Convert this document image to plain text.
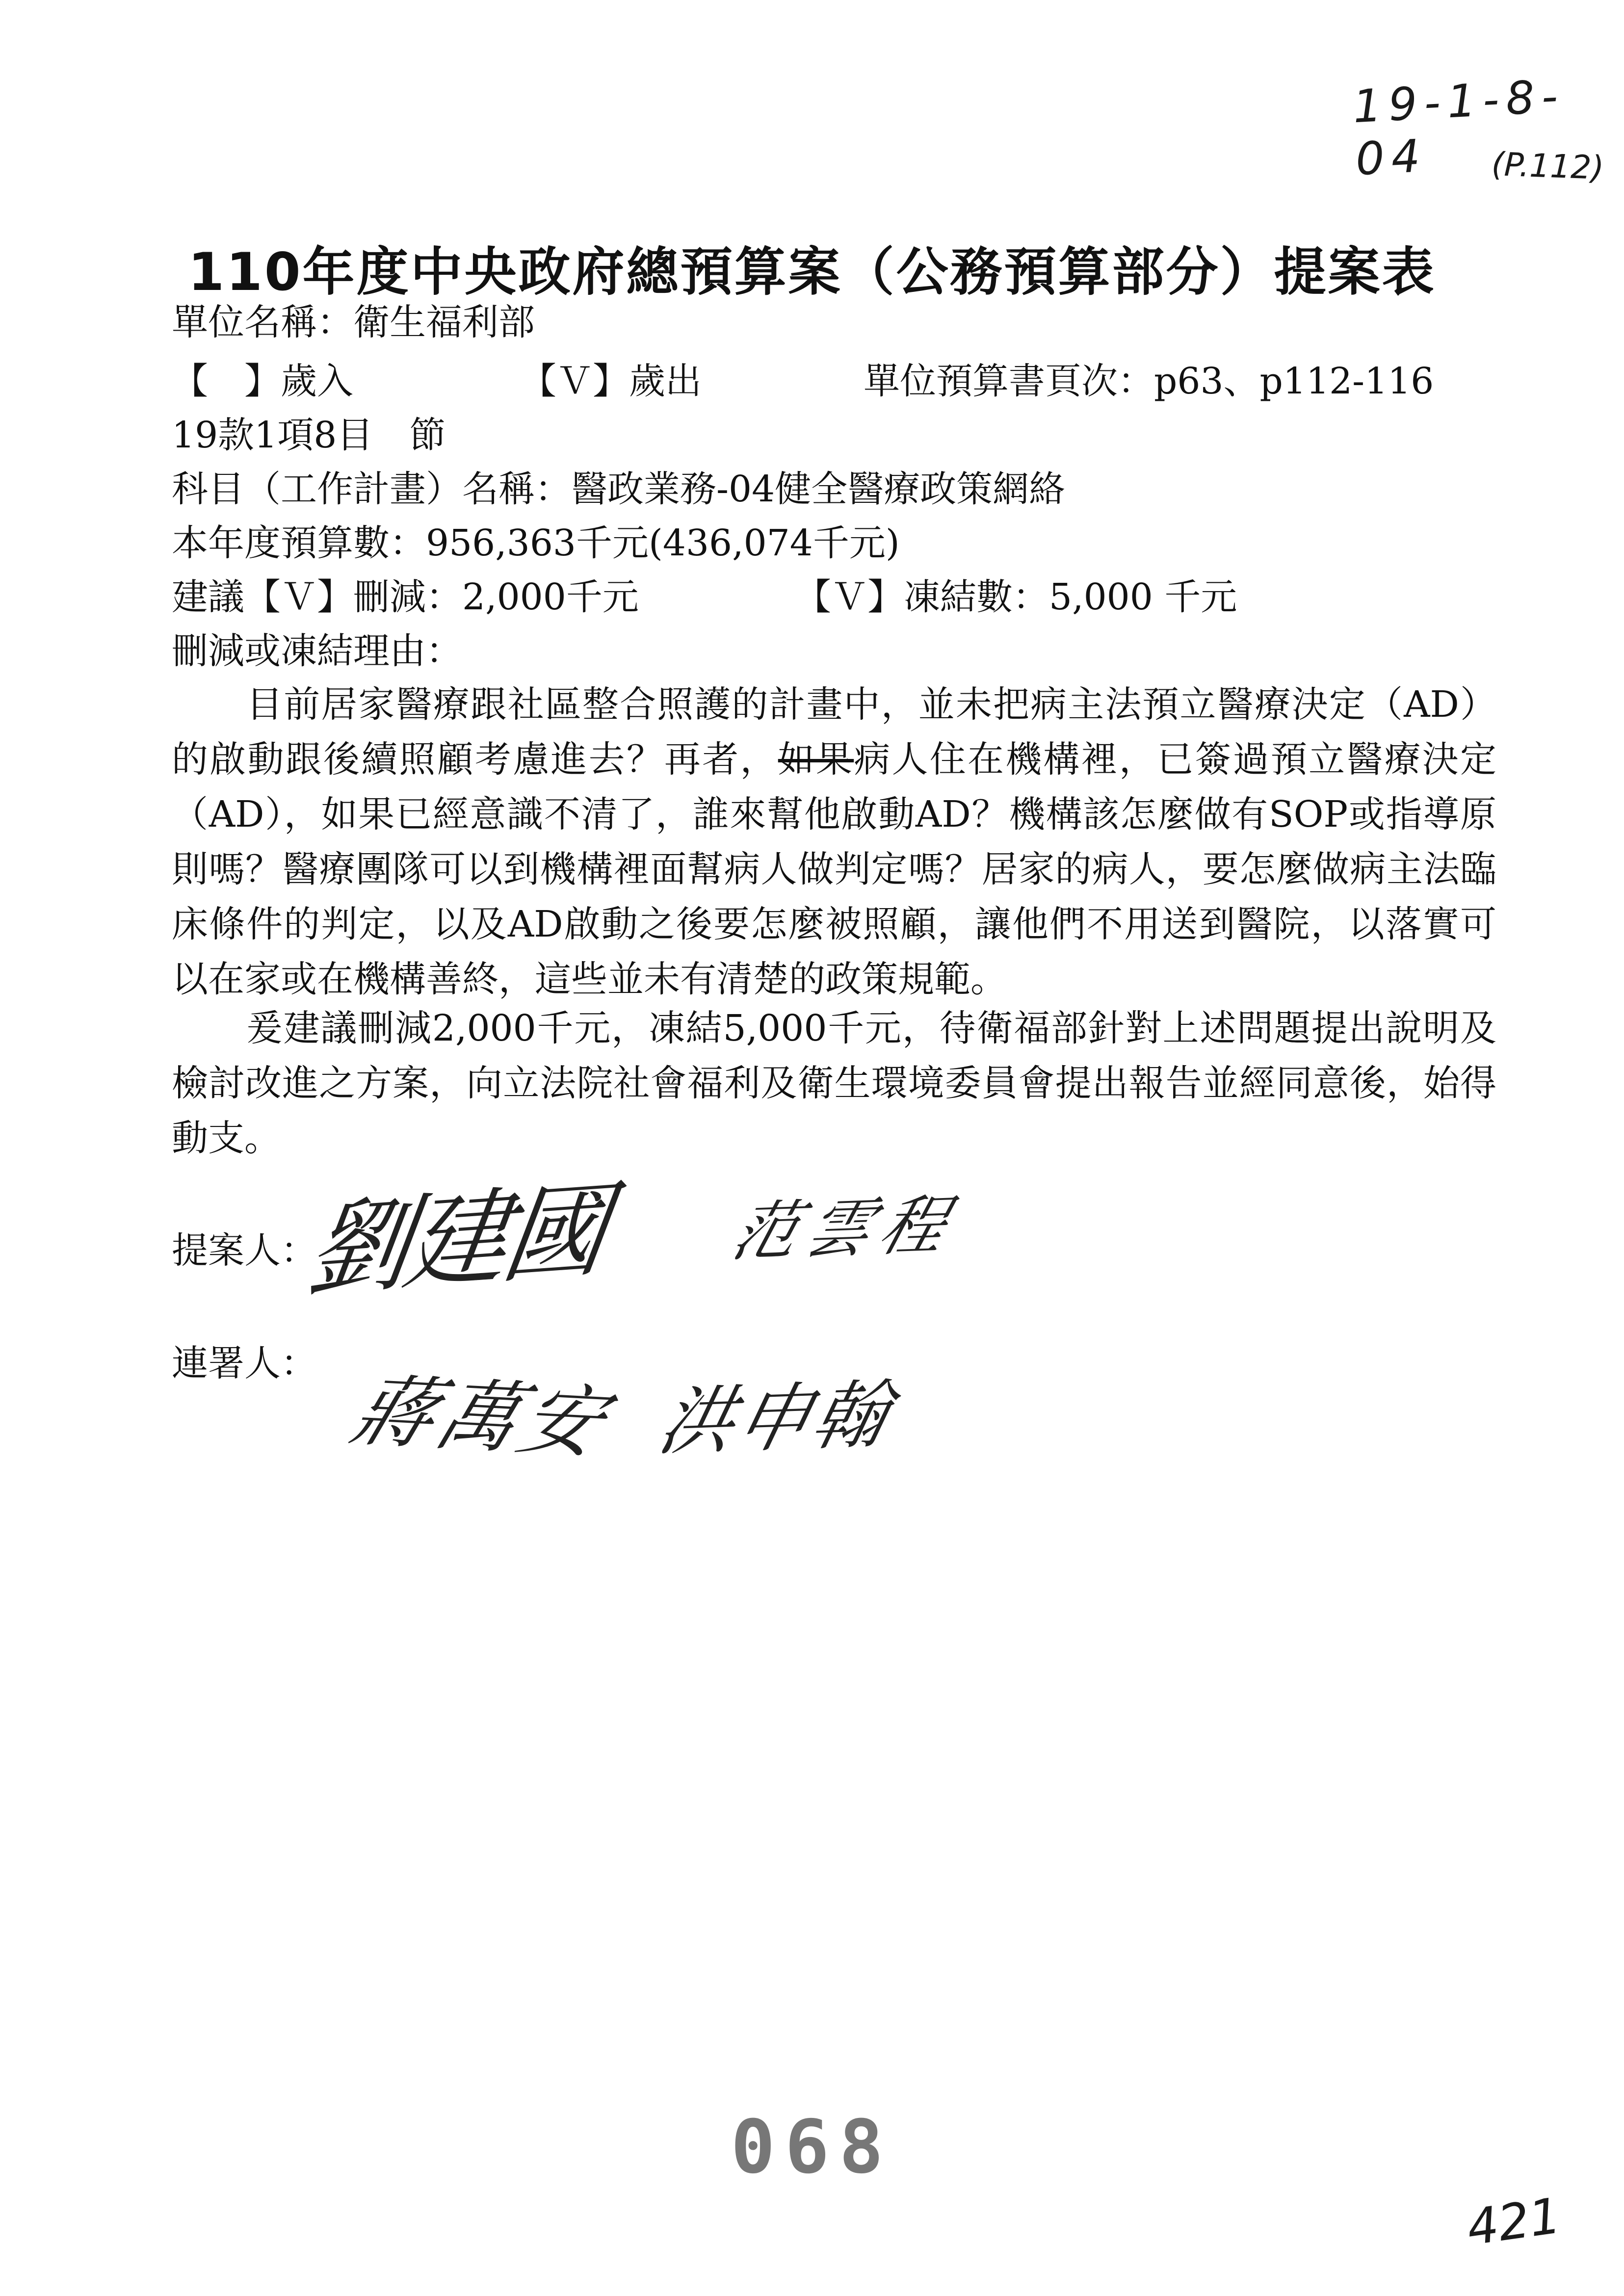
19-1-8-04	(P.112)
110年度中央政府總預算案（公務預算部分）提案表
單位名稱：衛生福利部
【　】歲入	【Ｖ】歲出	單位預算書頁次：p63、p112-116
19款1項8目　節
科目（工作計畫）名稱：醫政業務-04健全醫療政策網絡
本年度預算數：956,363千元(436,074千元)
建議【Ｖ】刪減：2,000千元	【Ｖ】凍結數：5,000 千元
刪減或凍結理由：
目前居家醫療跟社區整合照護的計畫中，並未把病主法預立醫療決定（AD）的啟動跟後續照顧考慮進去？再者，如果病人住在機構裡，已簽過預立醫療決定（AD），如果已經意識不清了，誰來幫他啟動AD？機構該怎麼做有SOP或指導原則嗎？醫療團隊可以到機構裡面幫病人做判定嗎？居家的病人，要怎麼做病主法臨床條件的判定，以及AD啟動之後要怎麼被照顧，讓他們不用送到醫院，以落實可以在家或在機構善終，這些並未有清楚的政策規範。
爰建議刪減2,000千元，凍結5,000千元，待衛福部針對上述問題提出說明及檢討改進之方案，向立法院社會福利及衛生環境委員會提出報告並經同意後，始得動支。
提案人：
劉建國 范雲程
連署人：
蔣萬安 洪申翰
068
421
